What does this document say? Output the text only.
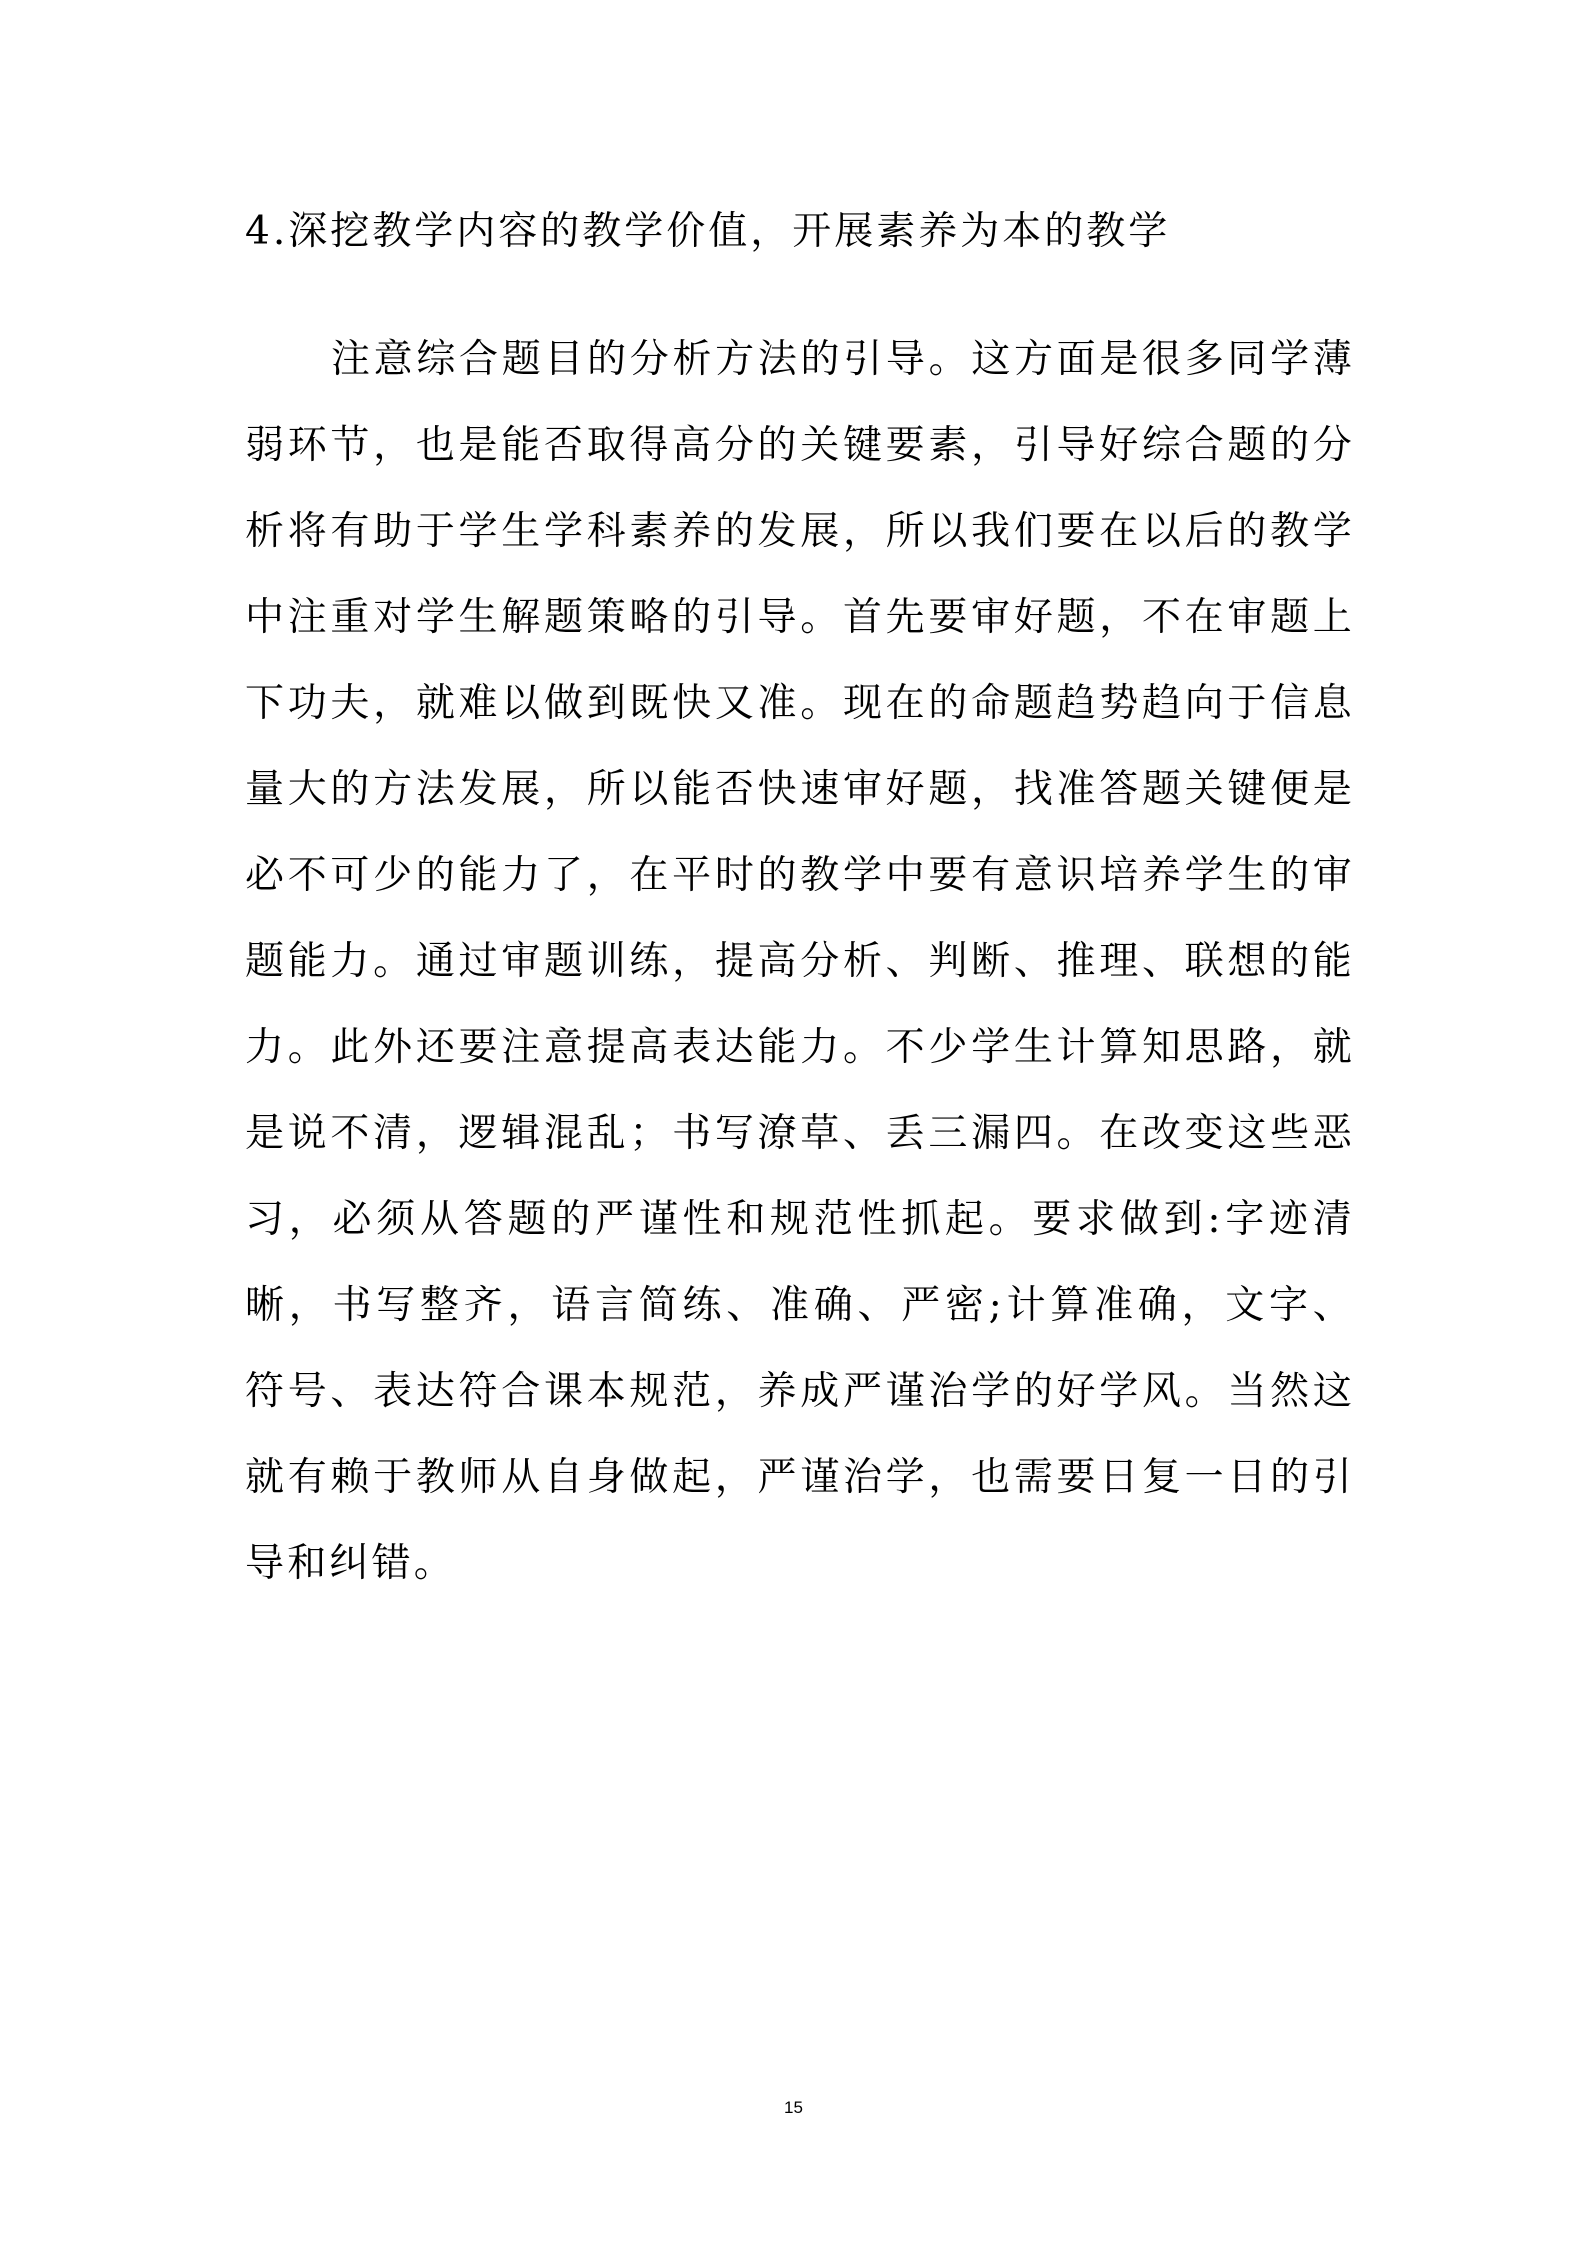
4.深挖教学内容的教学价值，开展素养为本的教学

注意综合题目的分析方法的引导。这方面是很多同学薄弱环节，也是能否取得高分的关键要素，引导好综合题的分析将有助于学生学科素养的发展，所以我们要在以后的教学中注重对学生解题策略的引导。首先要审好题，不在审题上下功夫，就难以做到既快又准。现在的命题趋势趋向于信息量大的方法发展，所以能否快速审好题，找准答题关键便是必不可少的能力了，在平时的教学中要有意识培养学生的审题能力。通过审题训练，提高分析、判断、推理、联想的能力。此外还要注意提高表达能力。不少学生计算知思路，就是说不清，逻辑混乱；书写潦草、丢三漏四。在改变这些恶习，必须从答题的严谨性和规范性抓起。要求做到:字迹清晰，书写整齐，语言简练、准确、严密;计算准确，文字、符号、表达符合课本规范，养成严谨治学的好学风。当然这就有赖于教师从自身做起，严谨治学，也需要日复一日的引导和纠错。

15
